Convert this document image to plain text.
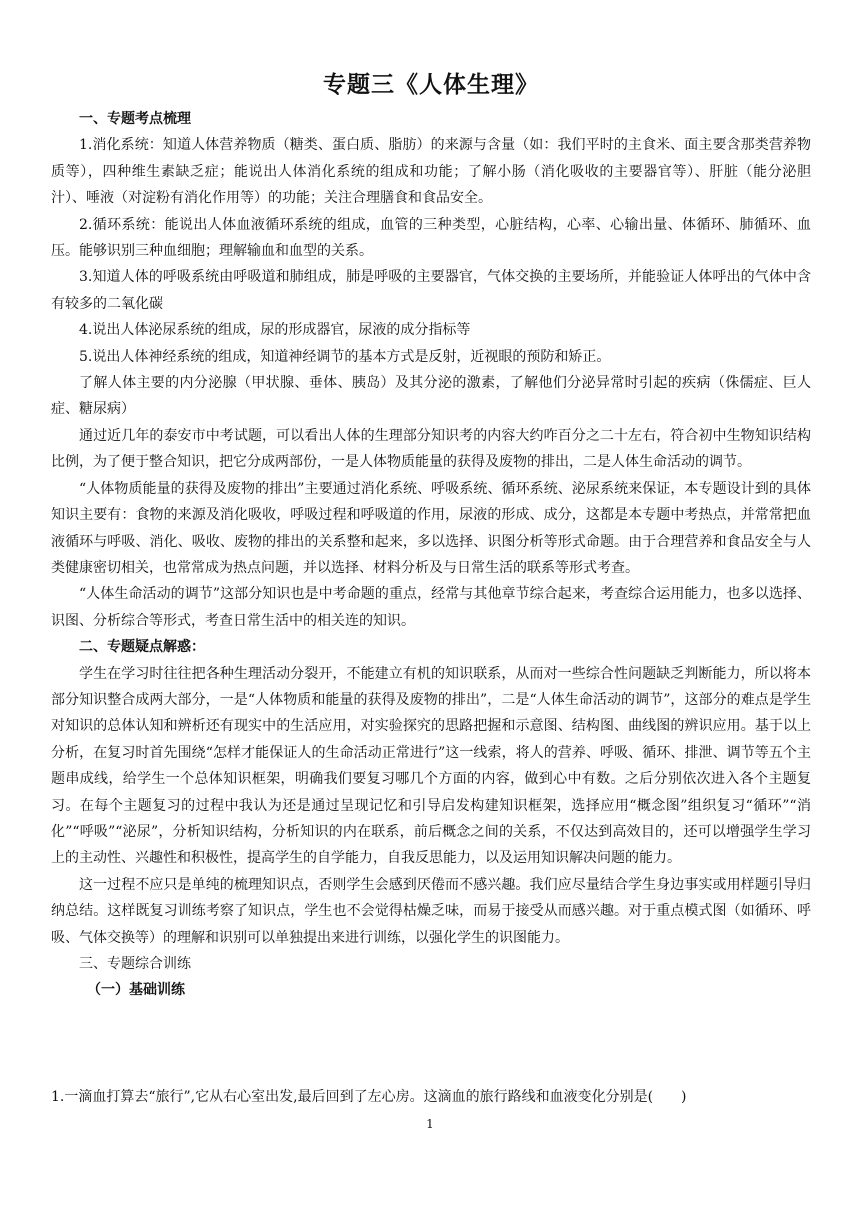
专题三《人体生理》
一、专题考点梳理

1.消化系统：知道人体营养物质（糖类、蛋白质、脂肪）的来源与含量（如：我们平时的主食米、面主要含那类营养物质等），四种维生素缺乏症；能说出人体消化系统的组成和功能；了解小肠（消化吸收的主要器官等）、肝脏（能分泌胆汁）、唾液（对淀粉有消化作用等）的功能；关注合理膳食和食品安全。

2.循环系统：能说出人体血液循环系统的组成，血管的三种类型，心脏结构，心率、心输出量、体循环、肺循环、血压。能够识别三种血细胞；理解输血和血型的关系。

3.知道人体的呼吸系统由呼吸道和肺组成，肺是呼吸的主要器官，气体交换的主要场所，并能验证人体呼出的气体中含有较多的二氧化碳

4.说出人体泌尿系统的组成，尿的形成器官，尿液的成分指标等

5.说出人体神经系统的组成，知道神经调节的基本方式是反射，近视眼的预防和矫正。

了解人体主要的内分泌腺（甲状腺、垂体、胰岛）及其分泌的激素，了解他们分泌异常时引起的疾病（侏儒症、巨人症、糖尿病）

通过近几年的泰安市中考试题，可以看出人体的生理部分知识考的内容大约咋百分之二十左右，符合初中生物知识结构比例，为了便于整合知识，把它分成两部份，一是人体物质能量的获得及废物的排出，二是人体生命活动的调节。

“人体物质能量的获得及废物的排出”主要通过消化系统、呼吸系统、循环系统、泌尿系统来保证，本专题设计到的具体知识主要有：食物的来源及消化吸收，呼吸过程和呼吸道的作用，尿液的形成、成分，这都是本专题中考热点，并常常把血液循环与呼吸、消化、吸收、废物的排出的关系整和起来，多以选择、识图分析等形式命题。由于合理营养和食品安全与人类健康密切相关，也常常成为热点问题，并以选择、材料分析及与日常生活的联系等形式考查。

“人体生命活动的调节”这部分知识也是中考命题的重点，经常与其他章节综合起来，考查综合运用能力，也多以选择、识图、分析综合等形式，考查日常生活中的相关连的知识。

二、专题疑点解惑：

学生在学习时往往把各种生理活动分裂开，不能建立有机的知识联系，从而对一些综合性问题缺乏判断能力，所以将本部分知识整合成两大部分，一是“人体物质和能量的获得及废物的排出”，二是“人体生命活动的调节”，这部分的难点是学生对知识的总体认知和辨析还有现实中的生活应用，对实验探究的思路把握和示意图、结构图、曲线图的辨识应用。基于以上分析，在复习时首先围绕“怎样才能保证人的生命活动正常进行”这一线索，将人的营养、呼吸、循环、排泄、调节等五个主题串成线，给学生一个总体知识框架，明确我们要复习哪几个方面的内容，做到心中有数。之后分别依次进入各个主题复习。在每个主题复习的过程中我认为还是通过呈现记忆和引导启发构建知识框架，选择应用“概念图”组织复习“循环”“消化”“呼吸”“泌尿”，分析知识结构，分析知识的内在联系，前后概念之间的关系，不仅达到高效目的，还可以增强学生学习上的主动性、兴趣性和积极性，提高学生的自学能力，自我反思能力，以及运用知识解决问题的能力。

这一过程不应只是单纯的梳理知识点，否则学生会感到厌倦而不感兴趣。我们应尽量结合学生身边事实或用样题引导归纳总结。这样既复习训练考察了知识点，学生也不会觉得枯燥乏味，而易于接受从而感兴趣。对于重点模式图（如循环、呼吸、气体交换等）的理解和识别可以单独提出来进行训练，以强化学生的识图能力。

三、专题综合训练
（一）基础训练
1.一滴血打算去“旅行”,它从右心室出发,最后回到了左心房。这滴血的旅行路线和血液变化分别是(　　)
1
